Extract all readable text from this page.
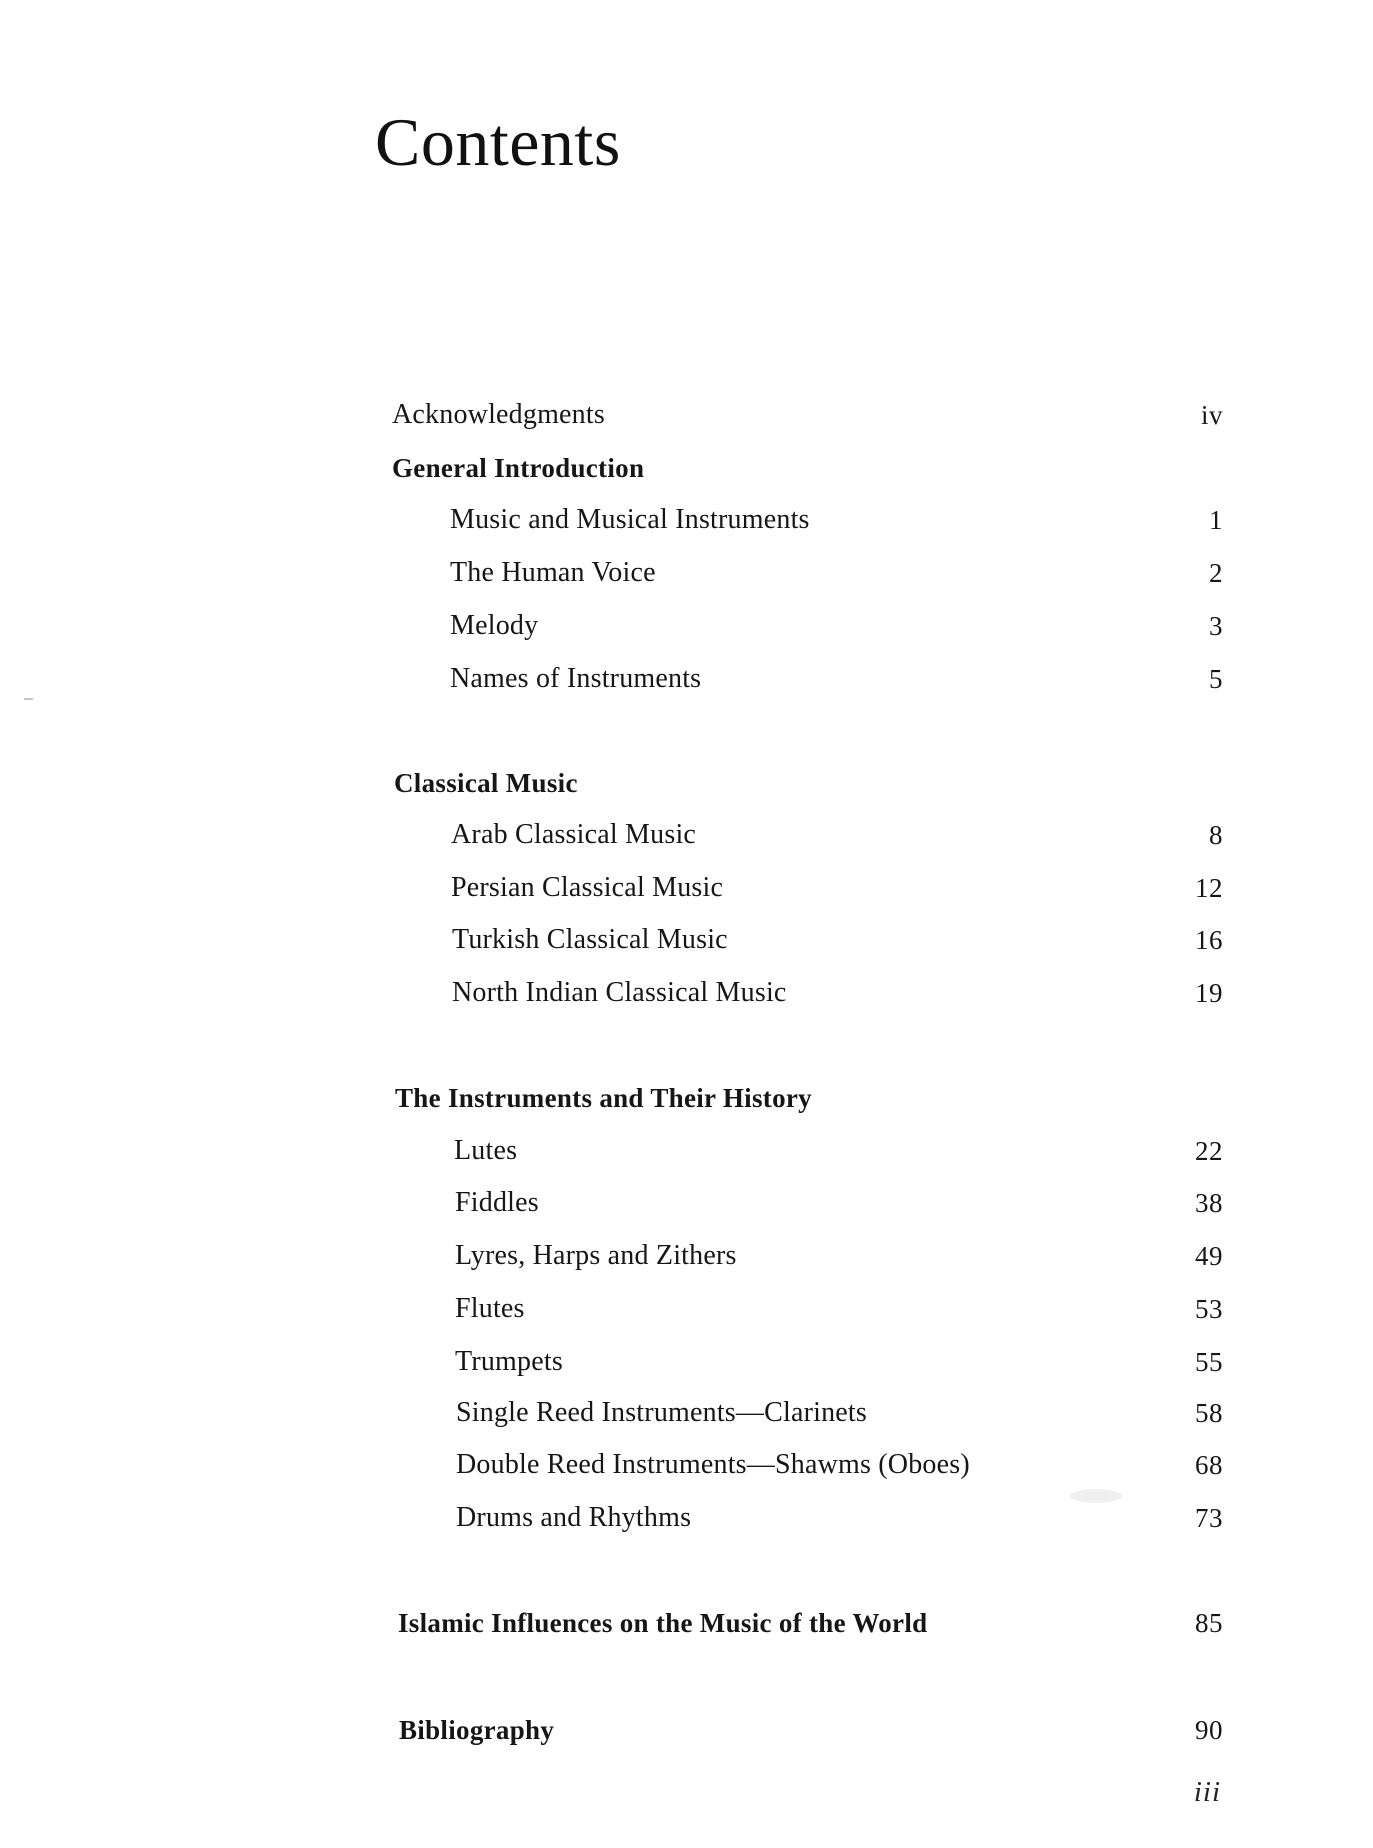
Contents
Acknowledgments	iv
General Introduction
Music and Musical Instruments	1
The Human Voice	2
Melody	3
Names of Instruments	5
Classical Music
Arab Classical Music	8
Persian Classical Music	12
Turkish Classical Music	16
North Indian Classical Music	19
The Instruments and Their History
Lutes	22
Fiddles	38
Lyres, Harps and Zithers	49
Flutes	53
Trumpets	55
Single Reed Instruments—Clarinets	58
Double Reed Instruments—Shawms (Oboes)	68
Drums and Rhythms	73
Islamic Influences on the Music of the World	85
Bibliography	90
iii
